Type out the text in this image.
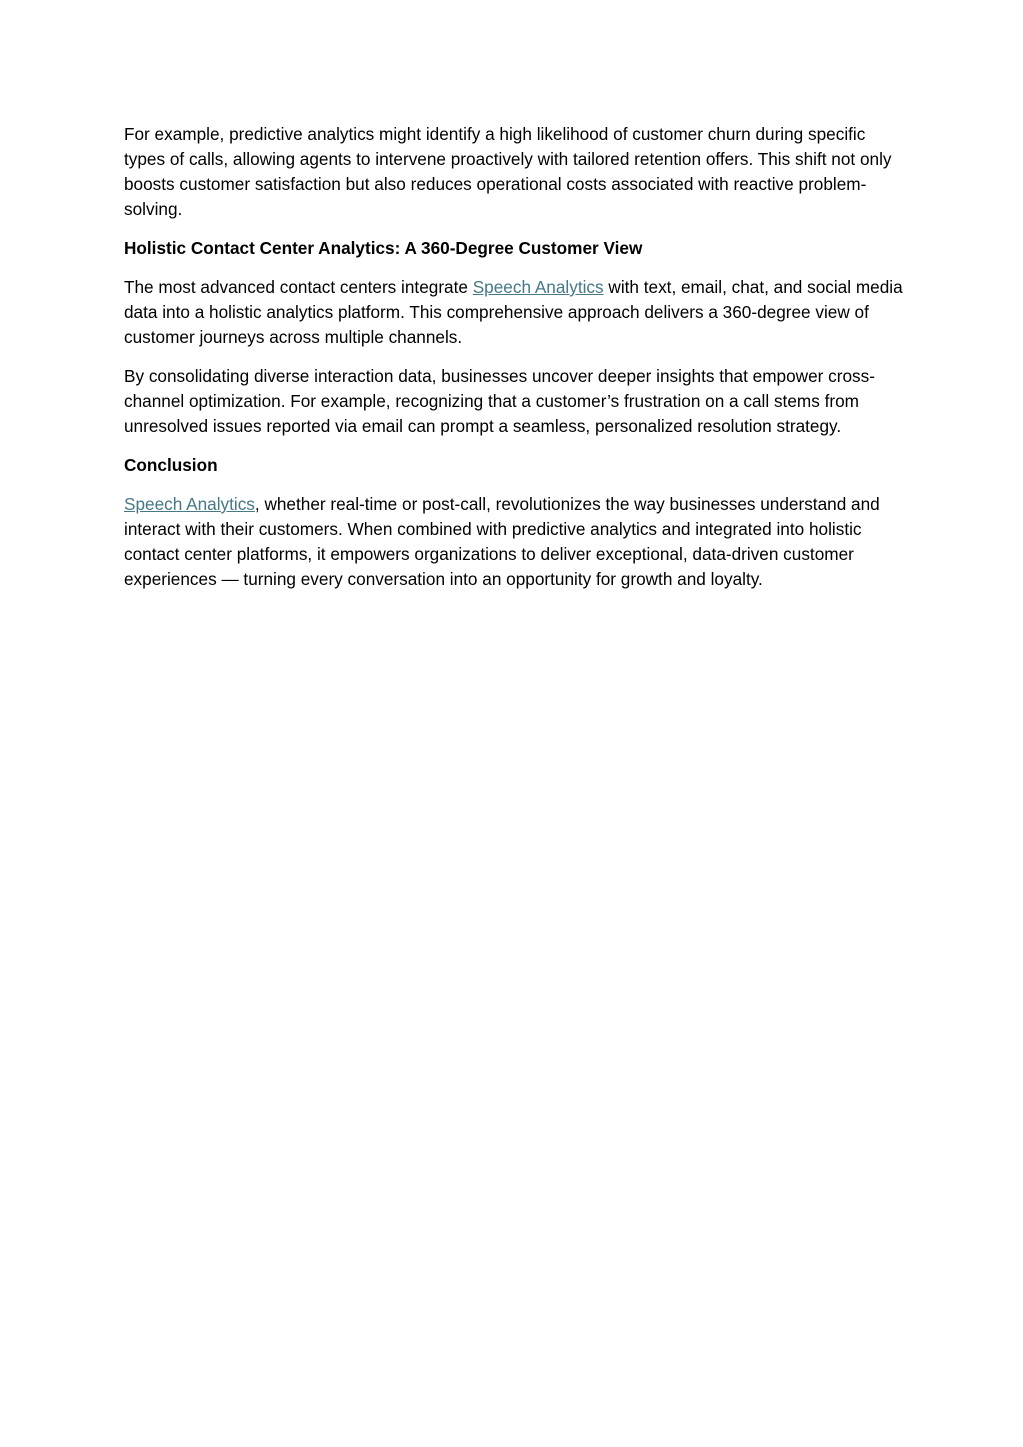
For example, predictive analytics might identify a high likelihood of customer churn during specific types of calls, allowing agents to intervene proactively with tailored retention offers. This shift not only boosts customer satisfaction but also reduces operational costs associated with reactive problem-solving.

Holistic Contact Center Analytics: A 360-Degree Customer View

The most advanced contact centers integrate Speech Analytics with text, email, chat, and social media data into a holistic analytics platform. This comprehensive approach delivers a 360-degree view of customer journeys across multiple channels.

By consolidating diverse interaction data, businesses uncover deeper insights that empower cross-channel optimization. For example, recognizing that a customer’s frustration on a call stems from unresolved issues reported via email can prompt a seamless, personalized resolution strategy.

Conclusion

Speech Analytics, whether real-time or post-call, revolutionizes the way businesses understand and interact with their customers. When combined with predictive analytics and integrated into holistic contact center platforms, it empowers organizations to deliver exceptional, data-driven customer experiences — turning every conversation into an opportunity for growth and loyalty.
